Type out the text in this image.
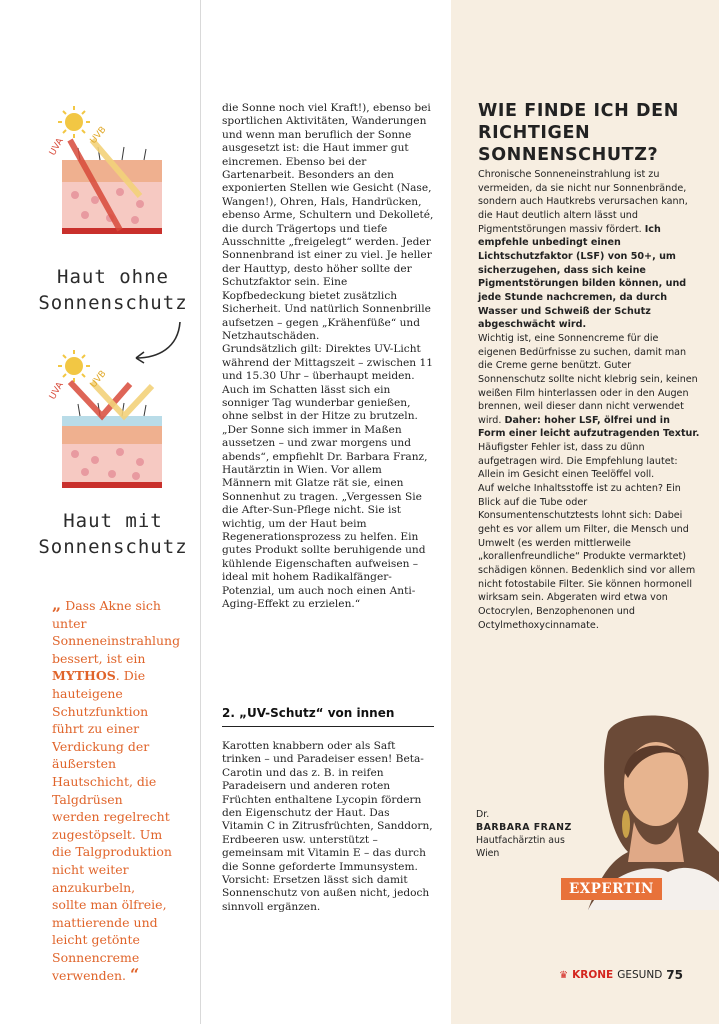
UVA
UVB
Haut ohne
Sonnenschutz
UVA
UVB
Haut mit
Sonnenschutz
„ Dass Akne sich unter Sonneneinstrahlung bessert, ist ein MYTHOS. Die hauteigene Schutzfunktion führt zu einer Verdickung der äußersten Hautschicht, die Talgdrüsen werden regelrecht zugestöpselt. Um die Talgproduktion nicht weiter anzukurbeln, sollte man ölfreie, mattierende und leicht getönte Sonnencreme verwenden. “

die Sonne noch viel Kraft!), ebenso bei sportlichen Aktivitäten, Wanderungen und wenn man beruflich der Sonne ausgesetzt ist: die Haut immer gut eincremen. Ebenso bei der Gartenarbeit. Besonders an den exponierten Stellen wie Gesicht (Nase, Wangen!), Ohren, Hals, Handrücken, ebenso Arme, Schultern und Dekolleté, die durch Trägertops und tiefe Ausschnitte „freigelegt“ werden. Jeder Sonnenbrand ist einer zu viel. Je heller der Hauttyp, desto höher sollte der Schutzfaktor sein. Eine Kopfbedeckung bietet zusätzlich Sicherheit. Und natürlich Sonnenbrille aufsetzen – gegen „Krähenfüße“ und Netzhautschäden.

Grundsätzlich gilt: Direktes UV-Licht während der Mittagszeit – zwischen 11 und 15.30 Uhr – überhaupt meiden. Auch im Schatten lässt sich ein sonniger Tag wunderbar genießen, ohne selbst in der Hitze zu brutzeln. „Der Sonne sich immer in Maßen aussetzen – und zwar morgens und abends“, empfiehlt Dr. Barbara Franz, Hautärztin in Wien. Vor allem Männern mit Glatze rät sie, einen Sonnenhut zu tragen. „Vergessen Sie die After-Sun-Pflege nicht. Sie ist wichtig, um der Haut beim Regenerationsprozess zu helfen. Ein gutes Produkt sollte beruhigende und kühlende Eigenschaften aufweisen – ideal mit hohem Radikalfänger-Potenzial, um auch noch einen Anti-Aging-Effekt zu erzielen.“

2. „UV-Schutz“ von innen

Karotten knabbern oder als Saft trinken – und Paradeiser essen! Beta-Carotin und das z. B. in reifen Paradeisern und anderen roten Früchten enthaltene Lycopin fördern den Eigenschutz der Haut. Das Vitamin C in Zitrusfrüchten, Sanddorn, Erdbeeren usw. unterstützt – gemeinsam mit Vitamin E – das durch die Sonne geforderte Immunsystem. Vorsicht: Ersetzen lässt sich damit Sonnenschutz von außen nicht, jedoch sinnvoll ergänzen.

WIE FINDE ICH DEN RICHTIGEN SONNENSCHUTZ?

Chronische Sonneneinstrahlung ist zu vermeiden, da sie nicht nur Sonnenbrände, sondern auch Hautkrebs verursachen kann, die Haut deutlich altern lässt und Pigmentstörungen massiv fördert. Ich empfehle unbedingt einen Lichtschutzfaktor (LSF) von 50+, um sicherzugehen, dass sich keine Pigmentstörungen bilden können, und jede Stunde nachcremen, da durch Wasser und Schweiß der Schutz abgeschwächt wird.

Wichtig ist, eine Sonnencreme für die eigenen Bedürfnisse zu suchen, damit man die Creme gerne benützt. Guter Sonnenschutz sollte nicht klebrig sein, keinen weißen Film hinterlassen oder in den Augen brennen, weil dieser dann nicht verwendet wird. Daher: hoher LSF, ölfrei und in Form einer leicht aufzutragenden Textur. Häufigster Fehler ist, dass zu dünn aufgetragen wird. Die Empfehlung lautet: Allein im Gesicht einen Teelöffel voll.

Auf welche Inhaltsstoffe ist zu achten? Ein Blick auf die Tube oder Konsumentenschutztests lohnt sich: Dabei geht es vor allem um Filter, die Mensch und Umwelt (es werden mittlerweile „korallenfreundliche“ Produkte vermarktet) schädigen können. Bedenklich sind vor allem nicht fotostabile Filter. Sie können hormonell wirksam sein. Abgeraten wird etwa von Octocrylen, Benzophenonen und Octylmethoxycinnamate.

Dr.
BARBARA FRANZ
Hautfachärztin aus Wien
EXPERTIN
♛ KRONE GESUND 75
